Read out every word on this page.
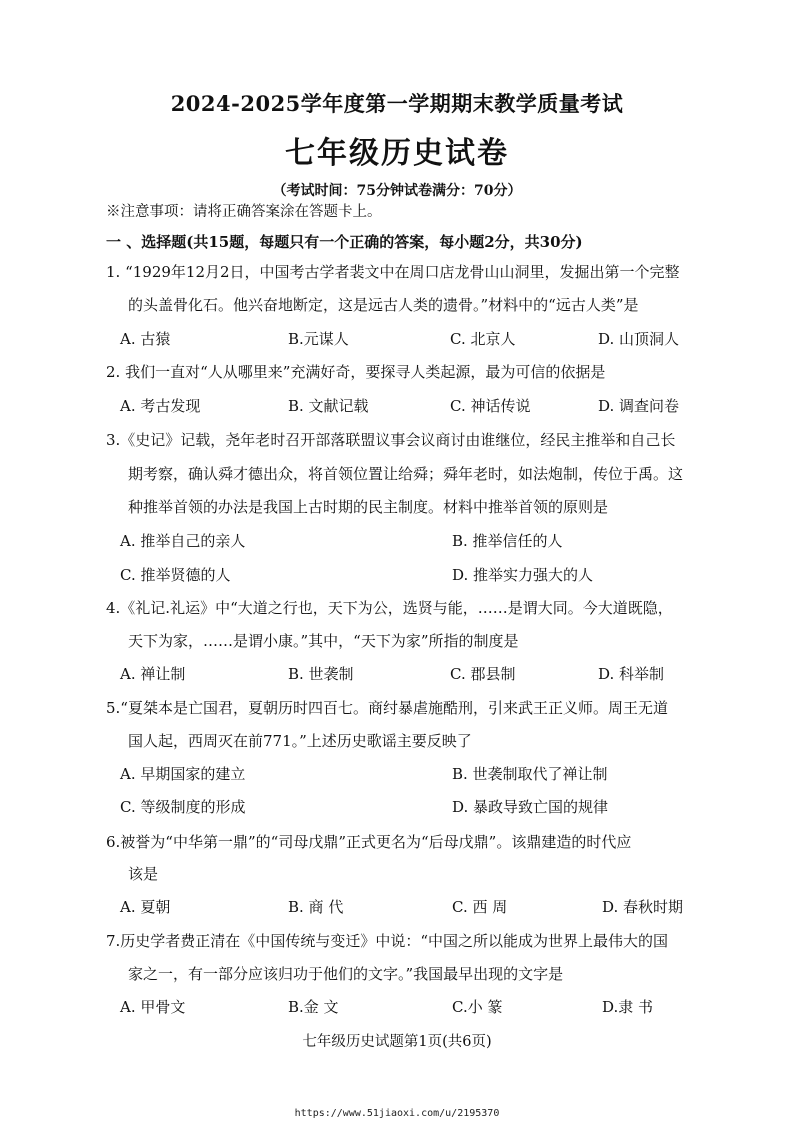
2024-2025学年度第一学期期末教学质量考试
七年级历史试卷
（考试时间：75分钟试卷满分：70分）
※注意事项：请将正确答案涂在答题卡上。
一 、选择题(共15题，每题只有一个正确的答案，每小题2分，共30分)
1. “1929年12月2日，中国考古学者裴文中在周口店龙骨山山洞里，发掘出第一个完整
的头盖骨化石。他兴奋地断定，这是远古人类的遗骨。”材料中的“远古人类”是
A. 古猿	B.元谋人	C. 北京人	D. 山顶洞人
2. 我们一直对“人从哪里来”充满好奇，要探寻人类起源，最为可信的依据是
A. 考古发现	B. 文献记载	C. 神话传说	D. 调查问卷
3.《史记》记载，尧年老时召开部落联盟议事会议商讨由谁继位，经民主推举和自己长
期考察，确认舜才德出众，将首领位置让给舜；舜年老时，如法炮制，传位于禹。这
种推举首领的办法是我国上古时期的民主制度。材料中推举首领的原则是
A. 推举自己的亲人	B. 推举信任的人
C. 推举贤德的人	D. 推举实力强大的人
4.《礼记.礼运》中“大道之行也，天下为公，选贤与能，……是谓大同。今大道既隐，
天下为家，……是谓小康。”其中，“天下为家”所指的制度是
A. 禅让制	B. 世袭制	C. 郡县制	D. 科举制
5.“夏桀本是亡国君，夏朝历时四百七。商纣暴虐施酷刑，引来武王正义师。周王无道
国人起，西周灭在前771。”上述历史歌谣主要反映了
A. 早期国家的建立	B. 世袭制取代了禅让制
C. 等级制度的形成	D. 暴政导致亡国的规律
6.被誉为“中华第一鼎”的“司母戊鼎”正式更名为“后母戊鼎”。该鼎建造的时代应
该是
A. 夏朝	B. 商 代	C. 西 周	D. 春秋时期
7.历史学者费正清在《中国传统与变迁》中说：“中国之所以能成为世界上最伟大的国
家之一，有一部分应该归功于他们的文字。”我国最早出现的文字是
A. 甲骨文	B.金 文	C.小 篆	D.隶 书
七年级历史试题第1页(共6页)
https://www.51jiaoxi.com/u/2195370
